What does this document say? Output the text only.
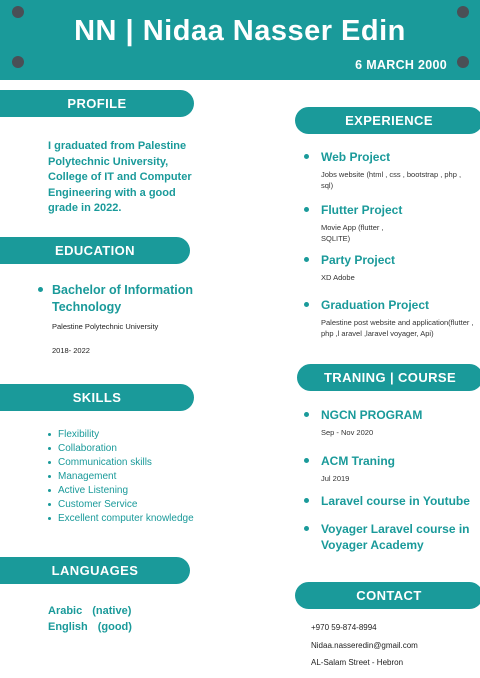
NN | Nidaa Nasser Edin
6 MARCH 2000
PROFILE
I graduated from Palestine Polytechnic University, College of IT and Computer Engineering with a good grade in 2022.
EDUCATION
Bachelor of Information Technology
Palestine Polytechnic University
2018- 2022
SKILLS
Flexibility
Collaboration
Communication skills
Management
Active Listening
Customer Service
Excellent computer knowledge
LANGUAGES
Arabic (native)
English (good)
EXPERIENCE
Web Project
Jobs website (html , css , bootstrap , php , sql)
Flutter Project
Movie App (flutter , SQLITE)
Party Project
XD Adobe
Graduation Project
Palestine post website and application(flutter , php ,l aravel ,laravel voyager, Api)
TRANING | COURSE
NGCN PROGRAM
Sep - Nov 2020
ACM Traning
Jul 2019
Laravel course in Youtube
Voyager Laravel course in Voyager Academy
CONTACT
+970 59-874-8994
Nidaa.nasseredin@gmail.com
AL-Salam Street - Hebron
